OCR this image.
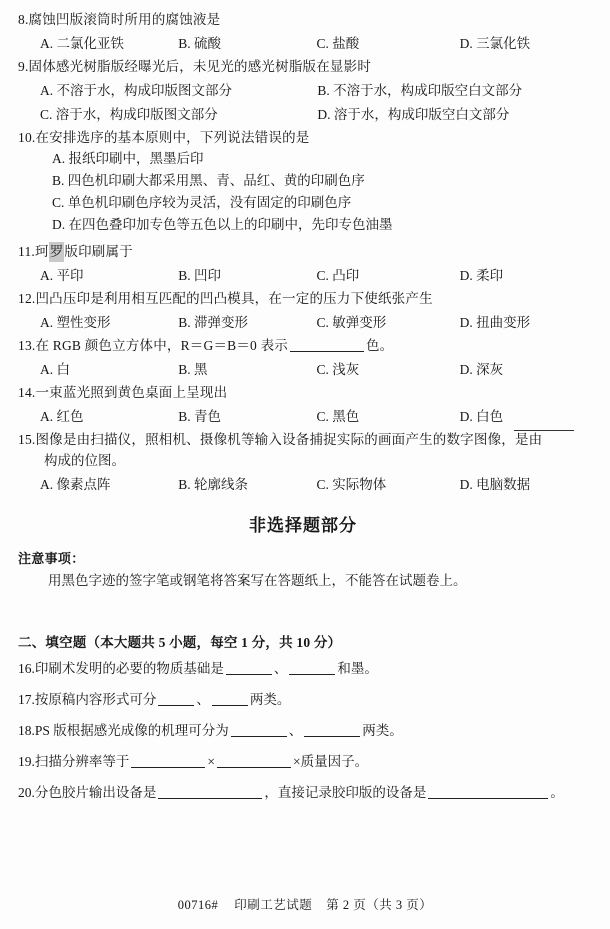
8.腐蚀凹版滚筒时所用的腐蚀液是
A. 二氯化亚铁	B. 硫酸	C. 盐酸	D. 三氯化铁
9.固体感光树脂版经曝光后，未见光的感光树脂版在显影时
A. 不溶于水，构成印版图文部分	B. 不溶于水，构成印版空白文部分
C. 溶于水，构成印版图文部分	D. 溶于水，构成印版空白文部分
10.在安排选序的基本原则中，下列说法错误的是
A. 报纸印刷中，黑墨后印
B. 四色机印刷大都采用黑、青、品红、黄的印刷色序
C. 单色机印刷色序较为灵活，没有固定的印刷色序
D. 在四色叠印加专色等五色以上的印刷中，先印专色油墨
11.珂罗版印刷属于
A. 平印	B. 凹印	C. 凸印	D. 柔印
12.凹凸压印是利用相互匹配的凹凸模具，在一定的压力下使纸张产生
A. 塑性变形	B. 滞弹变形	C. 敏弹变形	D. 扭曲变形
13.在 RGB 颜色立方体中，R＝G＝B＝0 表示	色。
A. 白	B. 黑	C. 浅灰	D. 深灰
14.一束蓝光照到黄色桌面上呈现出
A. 红色	B. 青色	C. 黑色	D. 白色
15.图像是由扫描仪，照相机、摄像机等输入设备捕捉实际的画面产生的数字图像，是由
构成的位图。
A. 像素点阵	B. 轮廓线条	C. 实际物体	D. 电脑数据
非选择题部分
注意事项：
用黑色字迹的签字笔或钢笔将答案写在答题纸上，不能答在试题卷上。
二、填空题（本大题共 5 小题，每空 1 分，共 10 分）
16.印刷术发明的必要的物质基础是	、	和墨。
17.按原稿内容形式可分	、	两类。
18.PS 版根据感光成像的机理可分为	、	两类。
19.扫描分辨率等于	×	×质量因子。
20.分色胶片输出设备是	，直接记录胶印版的设备是	。
00716# 印刷工艺试题 第 2 页（共 3 页）
